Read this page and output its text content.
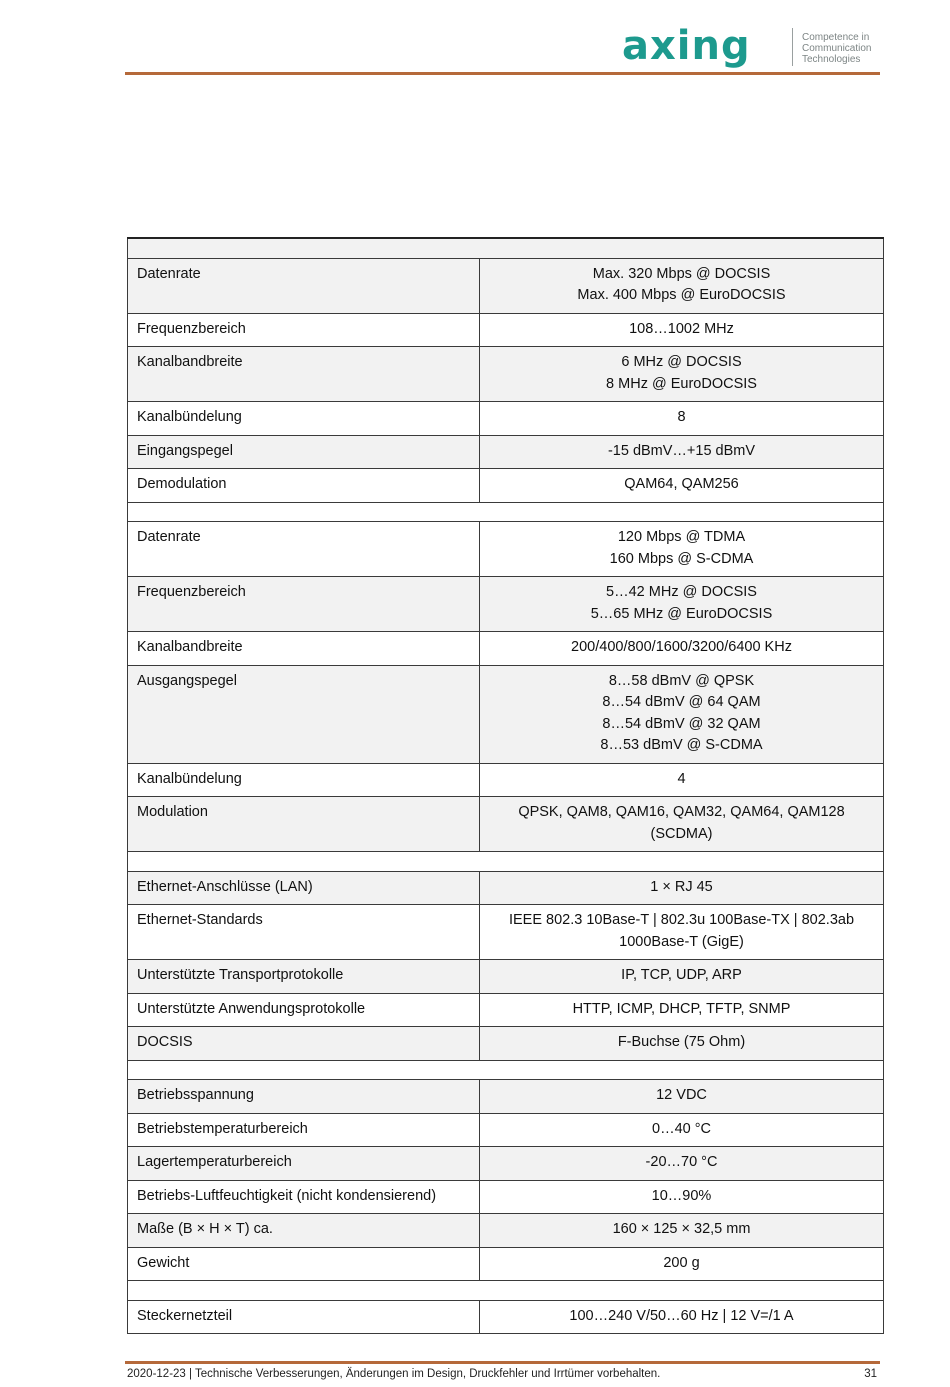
axing	Competence in
Communication
Technologies

Datenrate	Max. 320 Mbps @ DOCSIS
Max. 400 Mbps @ EuroDOCSIS

Frequenzbereich	108…1002 MHz

Kanalbandbreite	6 MHz @ DOCSIS
8 MHz @ EuroDOCSIS

Kanalbündelung	8

Eingangspegel	-15 dBmV…+15 dBmV

Demodulation	QAM64, QAM256

Datenrate	120 Mbps @ TDMA
160 Mbps @ S-CDMA

Frequenzbereich	5…42 MHz @ DOCSIS
5…65 MHz @ EuroDOCSIS

Kanalbandbreite	200/400/800/1600/3200/6400 KHz

Ausgangspegel	8…58 dBmV @ QPSK
8…54 dBmV @ 64 QAM
8…54 dBmV @ 32 QAM
8…53 dBmV @ S-CDMA

Kanalbündelung	4

Modulation	QPSK, QAM8, QAM16, QAM32, QAM64, QAM128
(SCDMA)

Ethernet-Anschlüsse (LAN)	1 × RJ 45

Ethernet-Standards	IEEE 802.3 10Base-T | 802.3u 100Base-TX | 802.3ab
1000Base-T (GigE)

Unterstützte Transportprotokolle	IP, TCP, UDP, ARP

Unterstützte Anwendungsprotokolle	HTTP, ICMP, DHCP, TFTP, SNMP

DOCSIS	F-Buchse (75 Ohm)

Betriebsspannung	12 VDC

Betriebstemperaturbereich	0…40 °C

Lagertemperaturbereich	-20…70 °C

Betriebs-Luftfeuchtigkeit (nicht kondensierend)	10…90%

Maße (B × H × T) ca.	160 × 125 × 32,5 mm

Gewicht	200 g

Steckernetzteil	100…240 V/50…60 Hz | 12 V=/1 A
2020-12-23 | Technische Verbesserungen, Änderungen im Design, Druckfehler und Irrtümer vorbehalten.	31
